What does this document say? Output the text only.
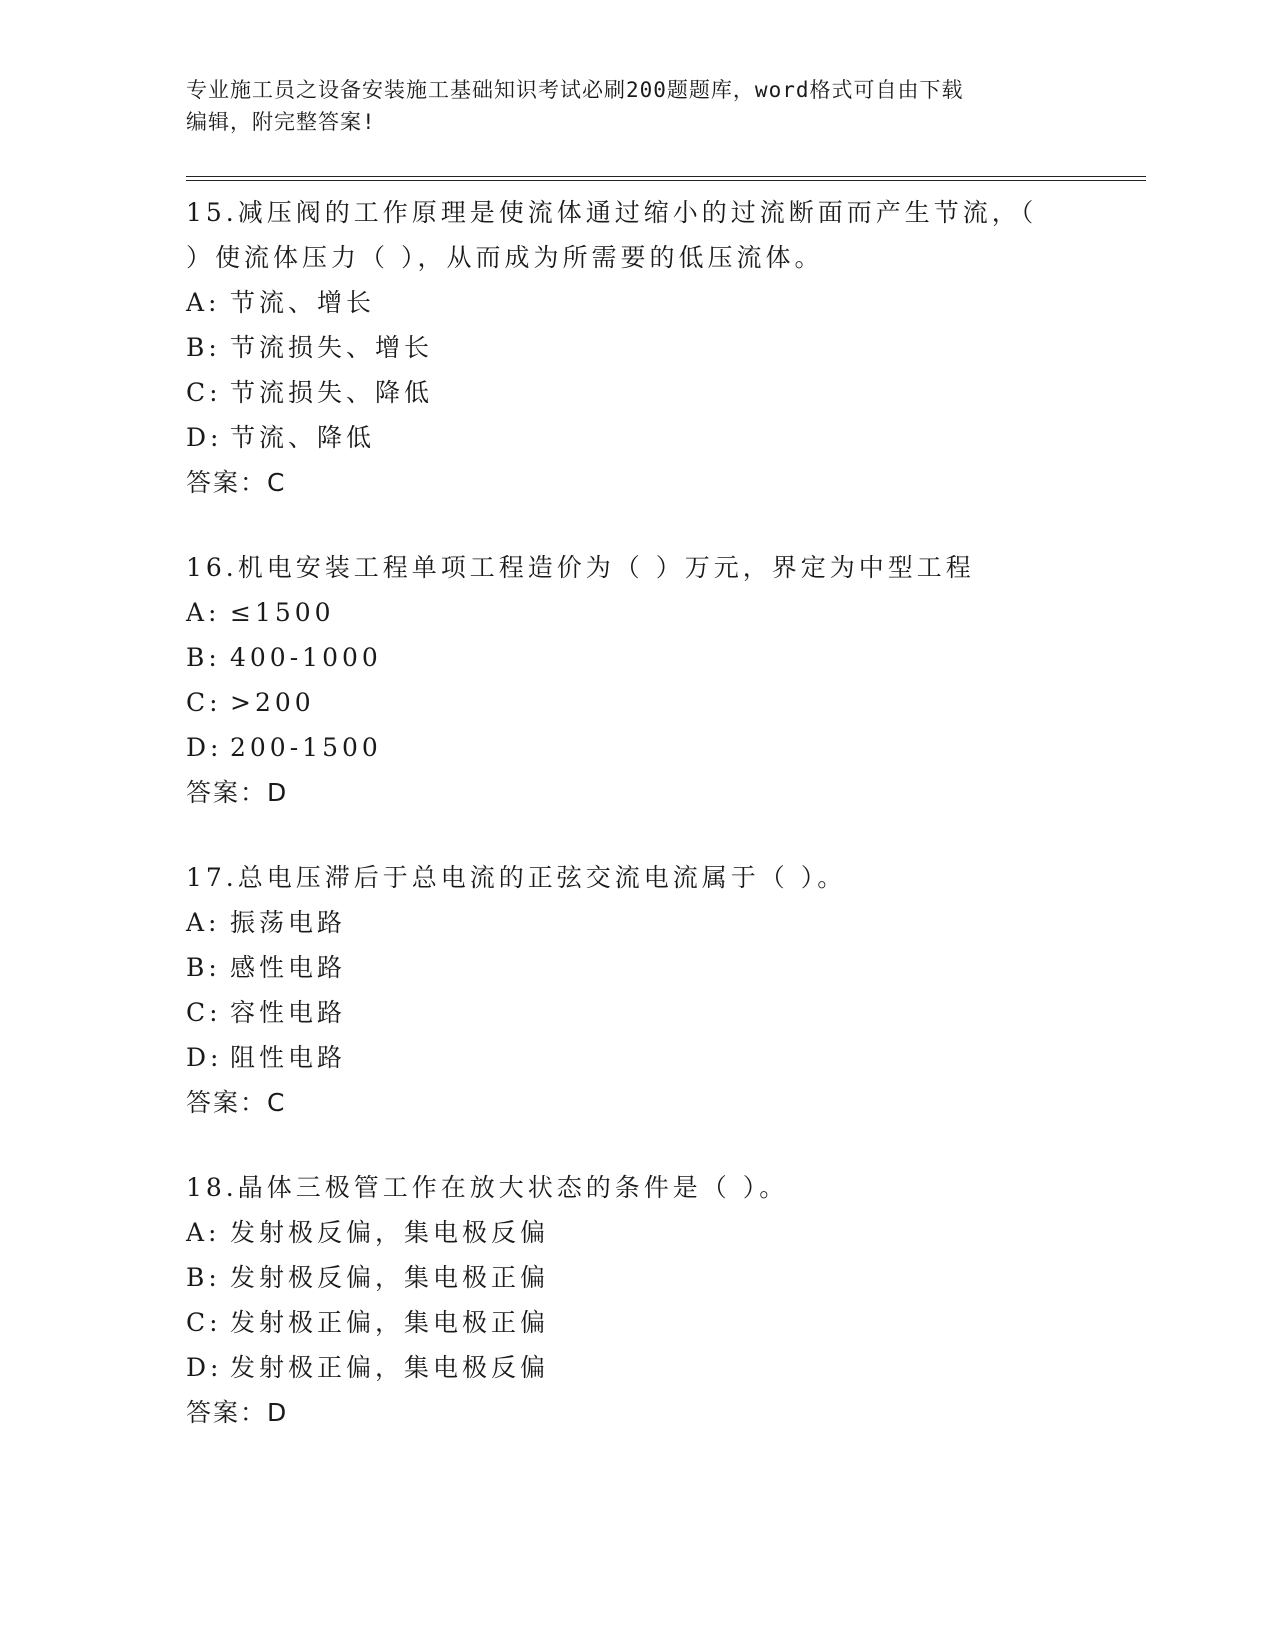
专业施工员之设备安装施工基础知识考试必刷200题题库，word格式可自由下载
编辑，附完整答案!
15.减压阀的工作原理是使流体通过缩小的过流断面而产生节流，（
）使流体压力（ ），从而成为所需要的低压流体。
A: 节流、增长
B: 节流损失、增长
C: 节流损失、降低
D: 节流、降低
答案：C
16.机电安装工程单项工程造价为（ ）万元，界定为中型工程
A: ≤1500
B: 400-1000
C: >200
D: 200-1500
答案：D
17.总电压滞后于总电流的正弦交流电流属于（ ）。
A: 振荡电路
B: 感性电路
C: 容性电路
D: 阻性电路
答案：C
18.晶体三极管工作在放大状态的条件是（ ）。
A: 发射极反偏，集电极反偏
B: 发射极反偏，集电极正偏
C: 发射极正偏，集电极正偏
D: 发射极正偏，集电极反偏
答案：D
